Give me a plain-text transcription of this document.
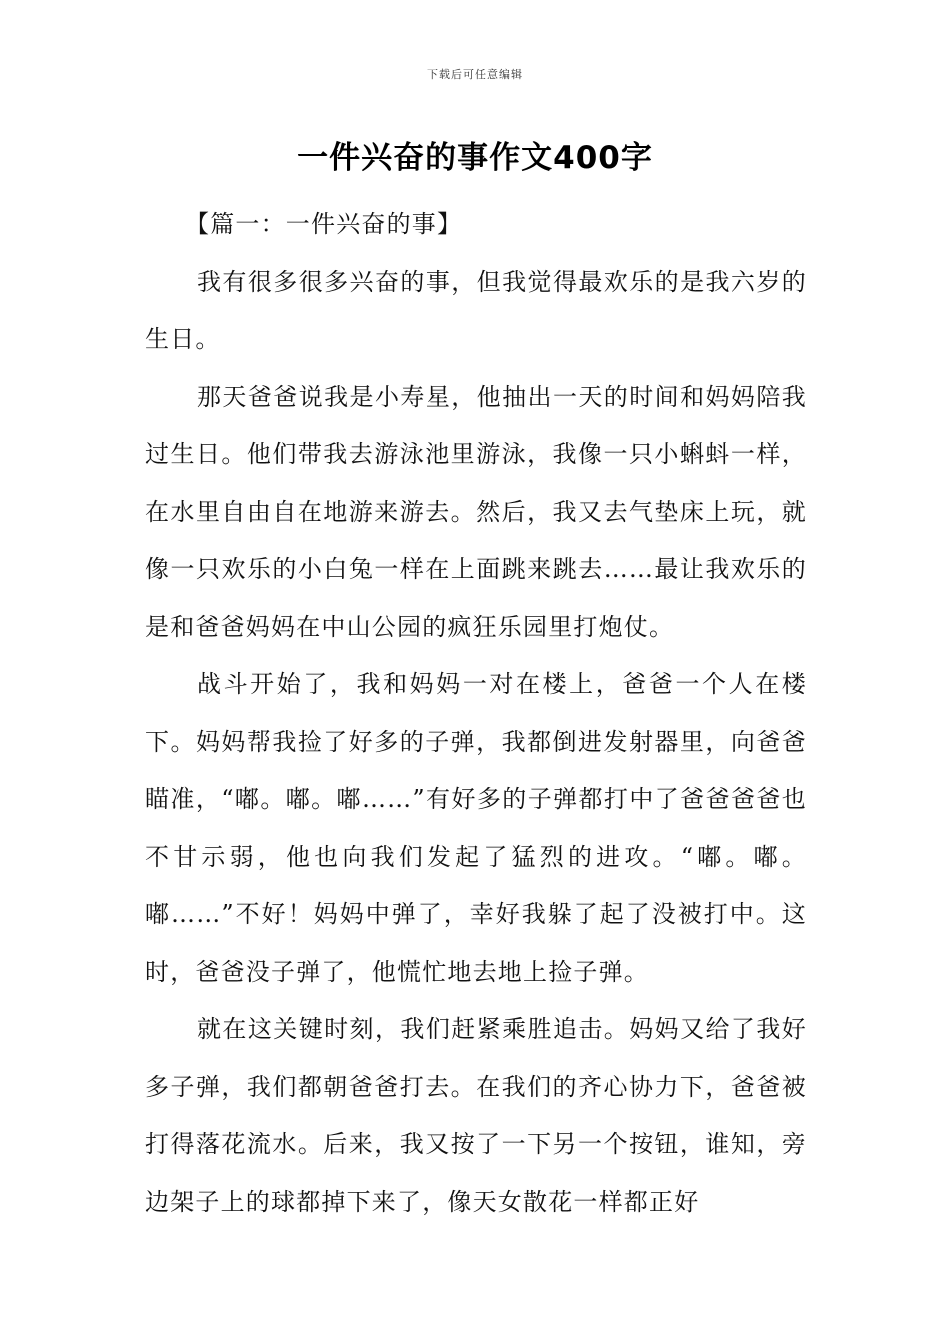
下载后可任意编辑
一件兴奋的事作文400字

【篇一：一件兴奋的事】

我有很多很多兴奋的事，但我觉得最欢乐的是我六岁的生日。

那天爸爸说我是小寿星，他抽出一天的时间和妈妈陪我过生日。他们带我去游泳池里游泳，我像一只小蝌蚪一样，在水里自由自在地游来游去。然后，我又去气垫床上玩，就像一只欢乐的小白兔一样在上面跳来跳去……最让我欢乐的是和爸爸妈妈在中山公园的疯狂乐园里打炮仗。

战斗开始了，我和妈妈一对在楼上，爸爸一个人在楼下。妈妈帮我捡了好多的子弹，我都倒进发射器里，向爸爸瞄准，“嘟。嘟。嘟……”有好多的子弹都打中了爸爸爸爸也不甘示弱，他也向我们发起了猛烈的进攻。“嘟。嘟。嘟……”不好！妈妈中弹了，幸好我躲了起了没被打中。这时，爸爸没子弹了，他慌忙地去地上捡子弹。

就在这关键时刻，我们赶紧乘胜追击。妈妈又给了我好多子弹，我们都朝爸爸打去。在我们的齐心协力下，爸爸被打得落花流水。后来，我又按了一下另一个按钮，谁知，旁边架子上的球都掉下来了，像天女散花一样都正好
